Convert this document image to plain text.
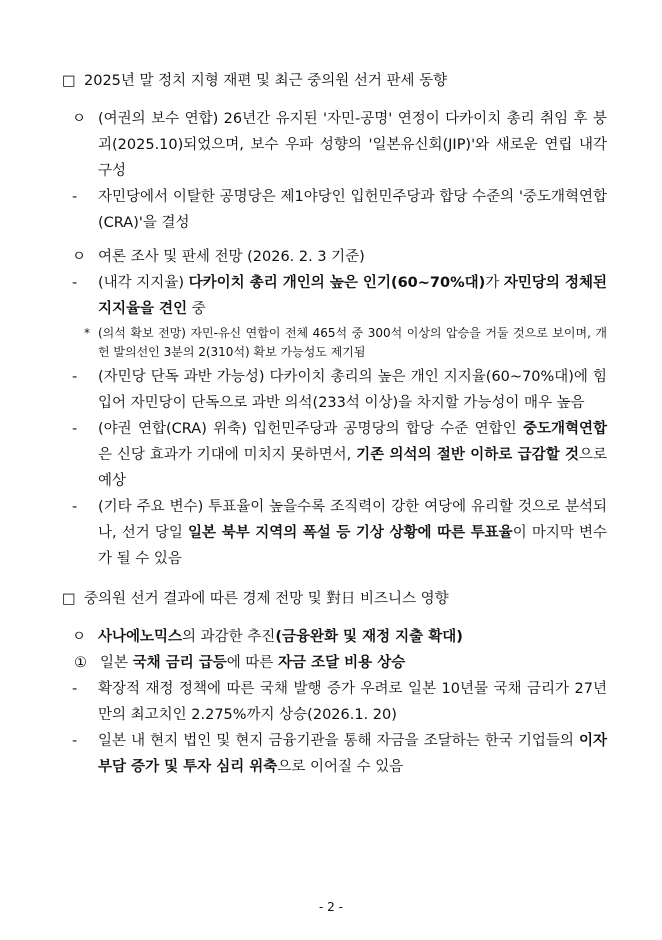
□ 2025년 말 정치 지형 재편 및 최근 중의원 선거 판세 동향
ㅇ (여권의 보수 연합) 26년간 유지된 '자민-공명' 연정이 다카이치 총리 취임 후 붕괴(2025.10)되었으며, 보수 우파 성향의 '일본유신회(JIP)'와 새로운 연립 내각 구성
-	자민당에서 이탈한 공명당은 제1야당인 입헌민주당과 합당 수준의 '중도개혁연합(CRA)'을 결성
ㅇ 여론 조사 및 판세 전망 (2026. 2. 3 기준)
-	(내각 지지율) 다카이치 총리 개인의 높은 인기(60~70%대)가 자민당의 정체된 지지율을 견인 중
* (의석 확보 전망) 자민-유신 연합이 전체 465석 중 300석 이상의 압승을 거둘 것으로 보이며, 개헌 발의선인 3분의 2(310석) 확보 가능성도 제기됨
-	(자민당 단독 과반 가능성) 다카이치 총리의 높은 개인 지지율(60~70%대)에 힘입어 자민당이 단독으로 과반 의석(233석 이상)을 차지할 가능성이 매우 높음
-	(야권 연합(CRA) 위축) 입헌민주당과 공명당의 합당 수준 연합인 중도개혁연합은 신당 효과가 기대에 미치지 못하면서, 기존 의석의 절반 이하로 급감할 것으로 예상
-	(기타 주요 변수) 투표율이 높을수록 조직력이 강한 여당에 유리할 것으로 분석되나, 선거 당일 일본 북부 지역의 폭설 등 기상 상황에 따른 투표율이 마지막 변수가 될 수 있음
□ 중의원 선거 결과에 따른 경제 전망 및 對日 비즈니스 영향
ㅇ 사나에노믹스의 과감한 추진(금융완화 및 재정 지출 확대)
① 일본 국채 금리 급등에 따른 자금 조달 비용 상승
-	확장적 재정 정책에 따른 국채 발행 증가 우려로 일본 10년물 국채 금리가 27년 만의 최고치인 2.275%까지 상승(2026.1. 20)
-	일본 내 현지 법인 및 현지 금융기관을 통해 자금을 조달하는 한국 기업들의 이자 부담 증가 및 투자 심리 위축으로 이어질 수 있음
- 2 -
